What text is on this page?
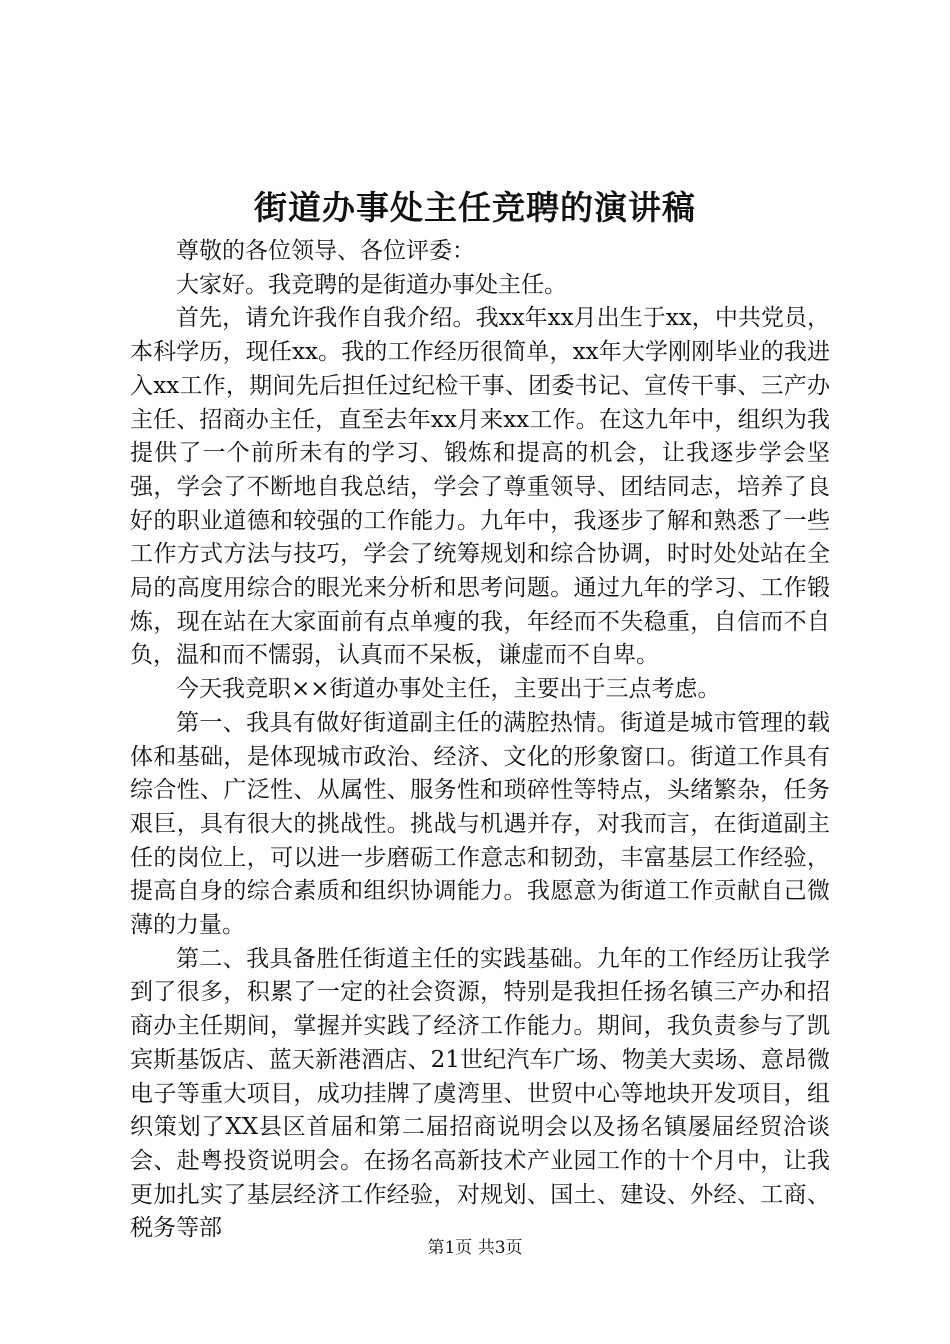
街道办事处主任竞聘的演讲稿

尊敬的各位领导、各位评委：

大家好。我竞聘的是街道办事处主任。

首先，请允许我作自我介绍。我xx年xx月出生于xx，中共党员，本科学历，现任xx。我的工作经历很简单，xx年大学刚刚毕业的我进入xx工作，期间先后担任过纪检干事、团委书记、宣传干事、三产办主任、招商办主任，直至去年xx月来xx工作。在这九年中，组织为我提供了一个前所未有的学习、锻炼和提高的机会，让我逐步学会坚强，学会了不断地自我总结，学会了尊重领导、团结同志，培养了良好的职业道德和较强的工作能力。九年中，我逐步了解和熟悉了一些工作方式方法与技巧，学会了统筹规划和综合协调，时时处处站在全局的高度用综合的眼光来分析和思考问题。通过九年的学习、工作锻炼，现在站在大家面前有点单瘦的我，年经而不失稳重，自信而不自负，温和而不懦弱，认真而不呆板，谦虚而不自卑。

今天我竞职××街道办事处主任，主要出于三点考虑。

第一、我具有做好街道副主任的满腔热情。街道是城市管理的载体和基础，是体现城市政治、经济、文化的形象窗口。街道工作具有综合性、广泛性、从属性、服务性和琐碎性等特点，头绪繁杂，任务艰巨，具有很大的挑战性。挑战与机遇并存，对我而言，在街道副主任的岗位上，可以进一步磨砺工作意志和韧劲，丰富基层工作经验，提高自身的综合素质和组织协调能力。我愿意为街道工作贡献自己微薄的力量。

第二、我具备胜任街道主任的实践基础。九年的工作经历让我学到了很多，积累了一定的社会资源，特别是我担任扬名镇三产办和招商办主任期间，掌握并实践了经济工作能力。期间，我负责参与了凯宾斯基饭店、蓝天新港酒店、21世纪汽车广场、物美大卖场、意昂微电子等重大项目，成功挂牌了虞湾里、世贸中心等地块开发项目，组织策划了XX县区首届和第二届招商说明会以及扬名镇屡届经贸洽谈会、赴粤投资说明会。在扬名高新技术产业园工作的十个月中，让我更加扎实了基层经济工作经验，对规划、国土、建设、外经、工商、税务等部

第1页 共3页
